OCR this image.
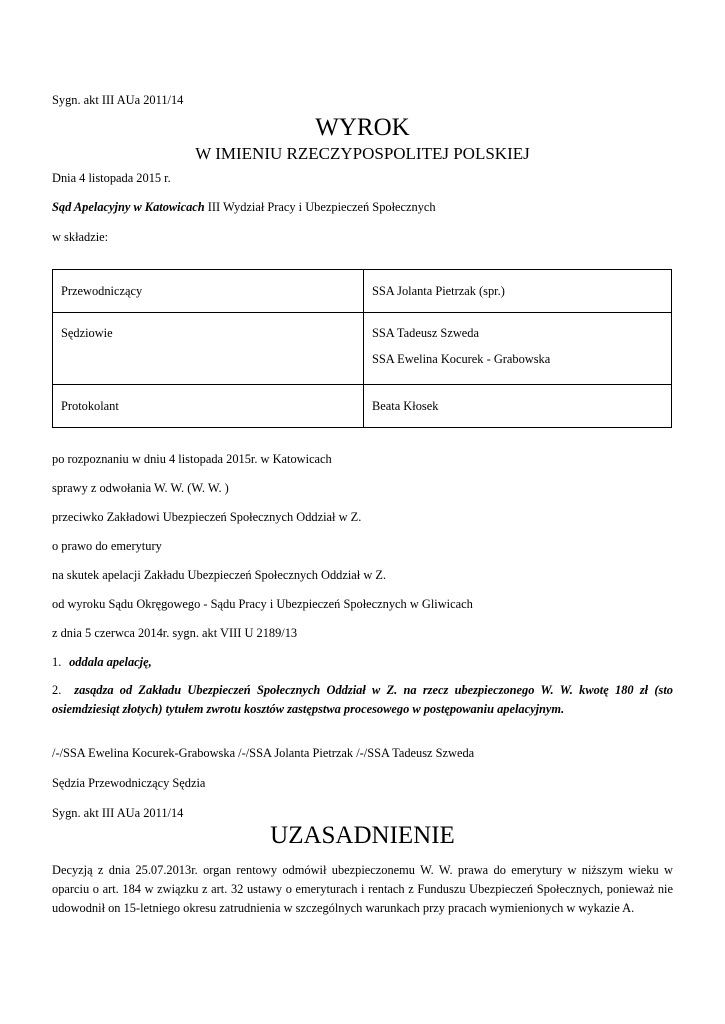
Sygn. akt III AUa 2011/14
WYROK
W IMIENIU RZECZYPOSPOLITEJ POLSKIEJ
Dnia 4 listopada 2015 r.
Sąd Apelacyjny w Katowicach III Wydział Pracy i Ubezpieczeń Społecznych
w składzie:
Przewodniczący	SSA Jolanta Pietrzak (spr.)
Sędziowie	SSA Tadeusz Szweda
SSA Ewelina Kocurek - Grabowska

Protokolant	Beata Kłosek
po rozpoznaniu w dniu 4 listopada 2015r. w Katowicach
sprawy z odwołania W. W. (W. W. )
przeciwko Zakładowi Ubezpieczeń Społecznych Oddział w Z.
o prawo do emerytury
na skutek apelacji Zakładu Ubezpieczeń Społecznych Oddział w Z.
od wyroku Sądu Okręgowego - Sądu Pracy i Ubezpieczeń Społecznych w Gliwicach
z dnia 5 czerwca 2014r. sygn. akt VIII U 2189/13
1. oddala apelację,
2. zasądza od Zakładu Ubezpieczeń Społecznych Oddział w Z. na rzecz ubezpieczonego W. W. kwotę 180 zł (sto osiemdziesiąt złotych) tytułem zwrotu kosztów zastępstwa procesowego w postępowaniu apelacyjnym.
/-/SSA Ewelina Kocurek-Grabowska /-/SSA Jolanta Pietrzak /-/SSA Tadeusz Szweda
Sędzia Przewodniczący Sędzia
Sygn. akt III AUa 2011/14
UZASADNIENIE
Decyzją z dnia 25.07.2013r. organ rentowy odmówił ubezpieczonemu W. W. prawa do emerytury w niższym wieku w oparciu o art. 184 w związku z art. 32 ustawy o emeryturach i rentach z Funduszu Ubezpieczeń Społecznych, ponieważ nie udowodnił on 15-letniego okresu zatrudnienia w szczególnych warunkach przy pracach wymienionych w wykazie A.
